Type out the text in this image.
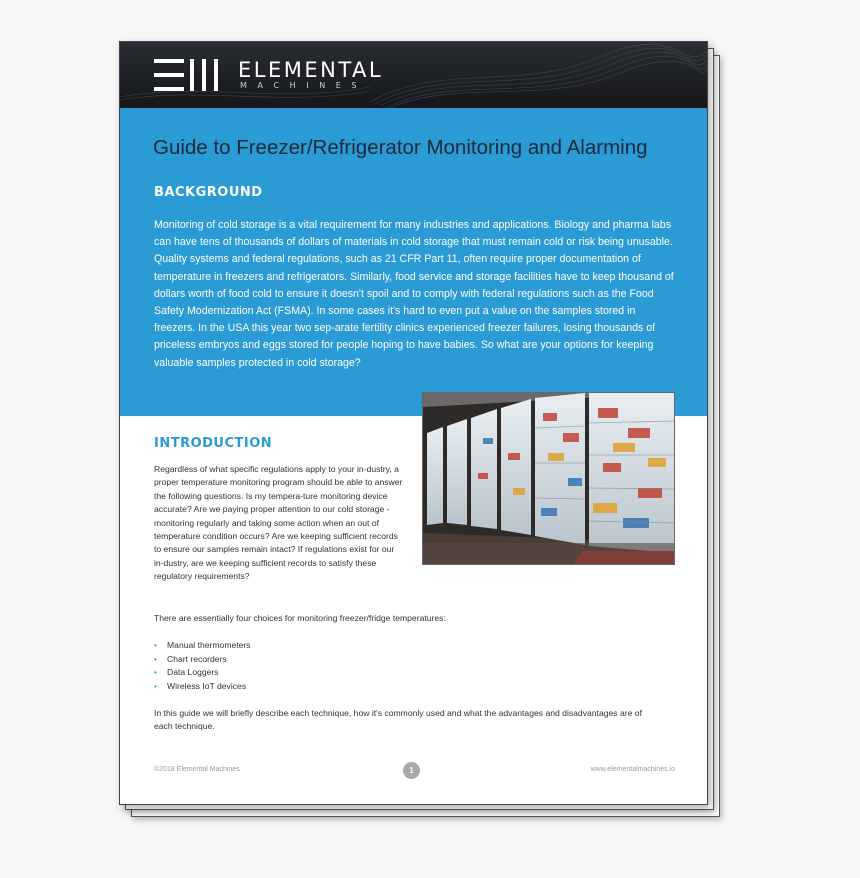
ELEMENTAL
MACHINES
Guide to Freezer/Refrigerator Monitoring and Alarming
BACKGROUND

Monitoring of cold storage is a vital requirement for many industries and applications. Biology and pharma labs can have tens of thousands of dollars of materials in cold storage that must remain cold or risk being unusable. Quality systems and federal regulations, such as 21 CFR Part 11, often require proper documentation of temperature in freezers and refrigerators. Similarly, food service and storage facilities have to keep thousand of dollars worth of food cold to ensure it doesn't spoil and to comply with federal regulations such as the Food Safety Modernization Act (FSMA). In some cases it's hard to even put a value on the samples stored in freezers. In the USA this year two sep-arate fertility clinics experienced freezer failures, losing thousands of priceless embryos and eggs stored for people hoping to have babies. So what are your options for keeping valuable samples protected in cold storage?

INTRODUCTION

Regardless of what specific regulations apply to your in-dustry, a proper temperature monitoring program should be able to answer the following questions. Is my tempera-ture monitoring device accurate? Are we paying proper attention to our cold storage - monitoring regularly and taking some action when an out of temperature condition occurs? Are we keeping sufficient records to ensure our samples remain intact? If regulations exist for our in-dustry, are we keeping sufficient records to satisfy these regulatory requirements?

There are essentially four choices for monitoring freezer/fridge temperatures:

• Manual thermometers
• Chart recorders
• Data Loggers
• Wireless IoT devices

In this guide we will briefly describe each technique, how it's commonly used and what the advantages and disadvantages are of each technique.

©2018 Elemental Machines	1	www.elementalmachines.io
